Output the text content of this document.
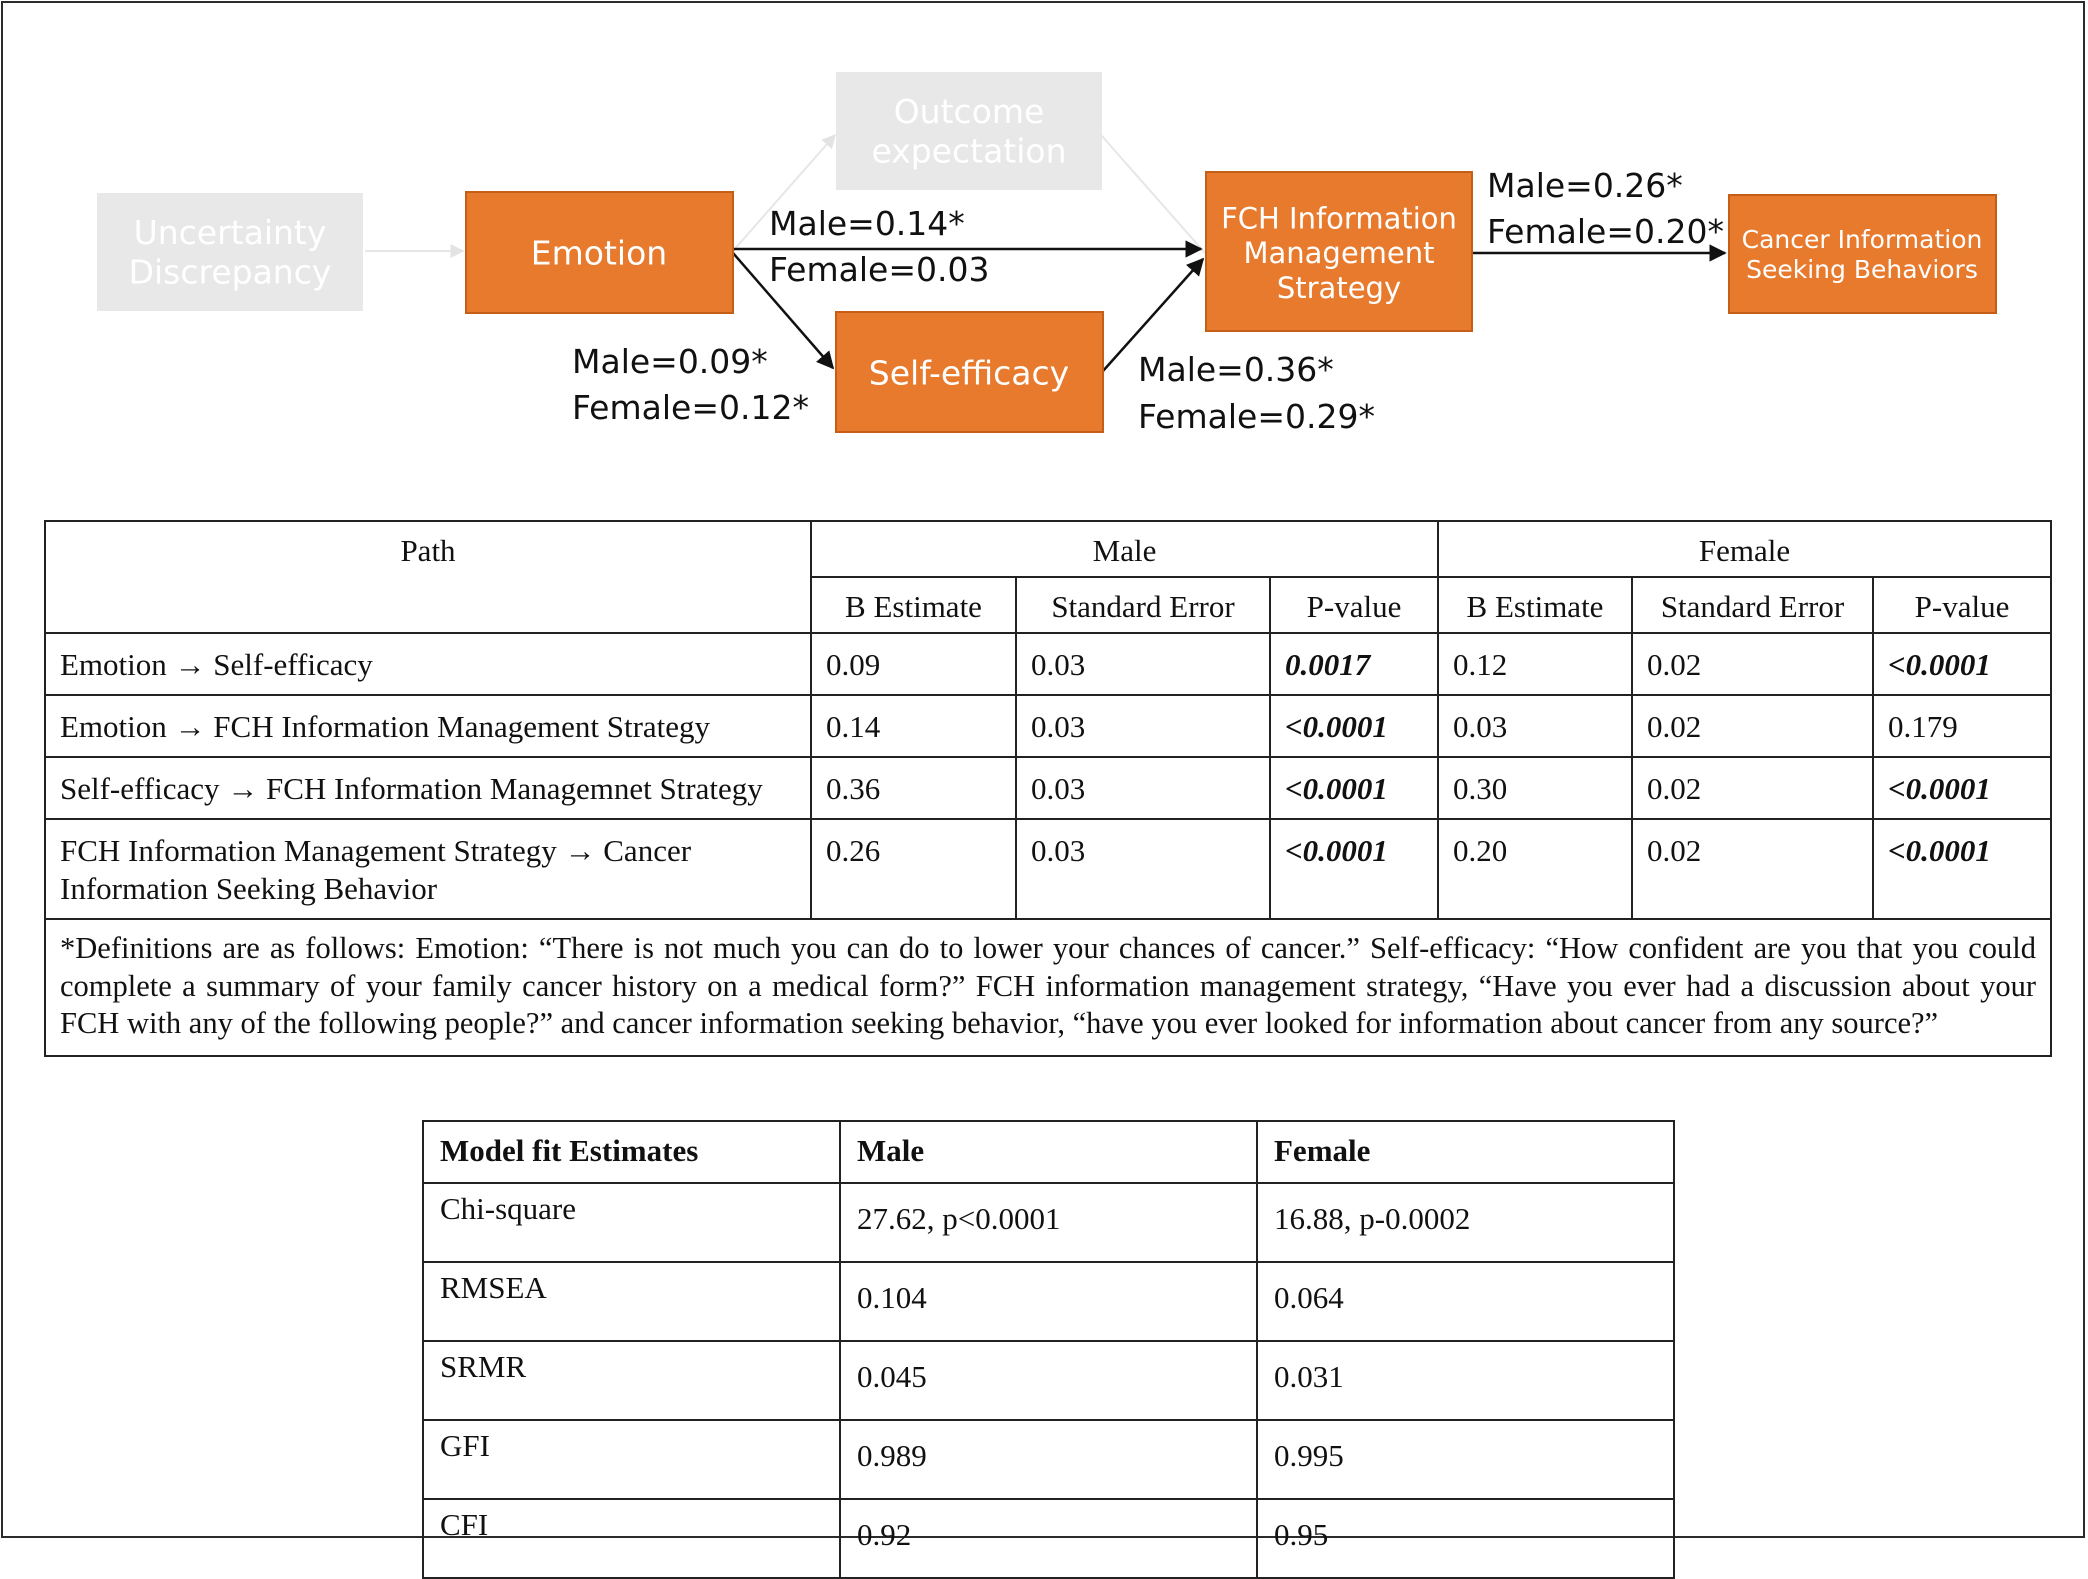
Uncertainty Discrepancy	Emotion
Outcome expectation
Self-efficacy
FCH Information Management Strategy
Cancer Information Seeking Behaviors
Male=0.14*
Female=0.03
Male=0.09*
Female=0.12*
Male=0.36*
Female=0.29*
Male=0.26*
Female=0.20*
Path	Male			Female		
	B Estimate	Standard Error	P-value	B Estimate	Standard Error	P-value
Emotion → Self-efficacy	0.09	0.03	0.0017	0.12	0.02	<0.0001
Emotion → FCH Information Management Strategy	0.14	0.03	<0.0001	0.03	0.02	0.179
Self-efficacy → FCH Information Managemnet Strategy	0.36	0.03	<0.0001	0.30	0.02	<0.0001
FCH Information Management Strategy → Cancer Information Seeking Behavior	0.26	0.03	<0.0001	0.20	0.02	<0.0001
*Definitions are as follows: Emotion: “There is not much you can do to lower your chances of cancer.” Self-efficacy: “How confident are you that you could complete a summary of your family cancer history on a medical form?” FCH information management strategy, “Have you ever had a discussion about your FCH with any of the following people?” and cancer information seeking behavior, “have you ever looked for information about cancer from any source?”						
Model fit Estimates	Male	Female
Chi-square	27.62, p<0.0001	16.88, p-0.0002
RMSEA	0.104	0.064
SRMR	0.045	0.031
GFI	0.989	0.995
CFI	0.92	0.95
